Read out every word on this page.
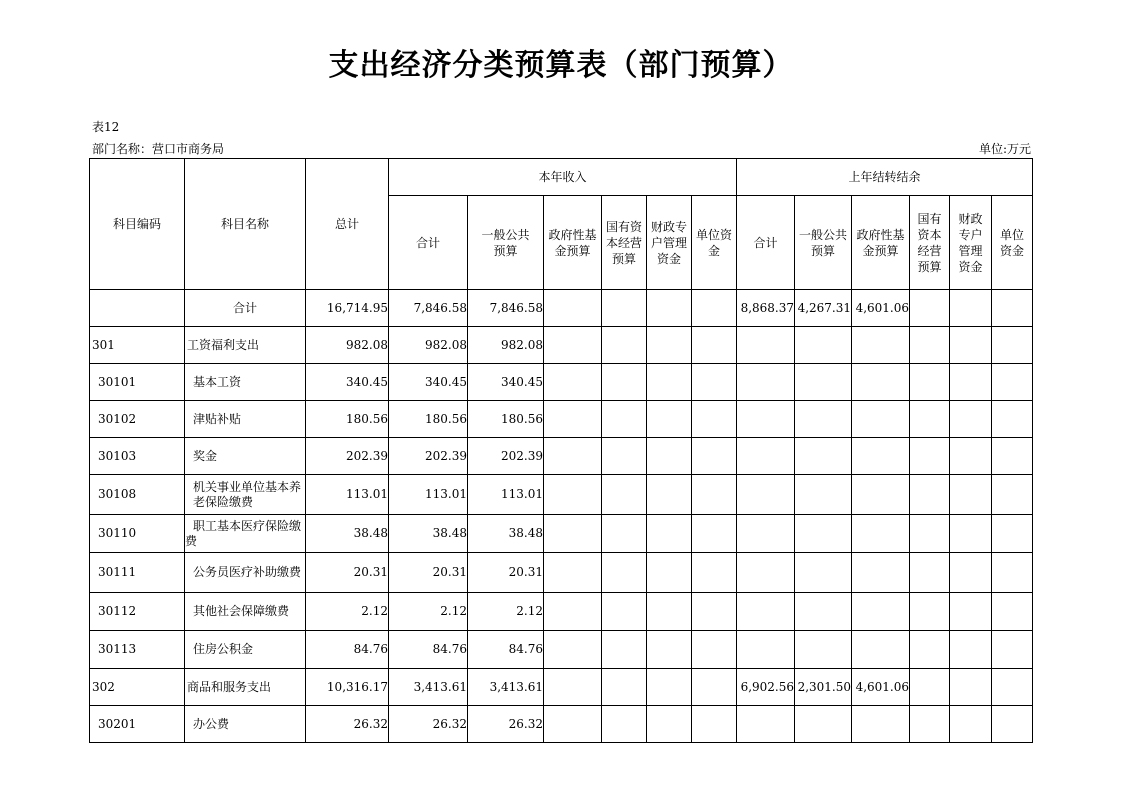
支出经济分类预算表（部门预算）
表12
部门名称：营口市商务局	单位:万元
科目编码	科目名称	总计	本年收入						上年结转结余					
			合计	一般公共预算	政府性基金预算	国有资本经营预算	财政专户管理资金	单位资金	合计	一般公共预算	政府性基金预算	国有资本经营预算	财政专户管理资金	单位资金
	合计	16,714.95	7,846.58	7,846.58					8,868.37	4,267.31	4,601.06			
301	工资福利支出	982.08	982.08	982.08										
30101	基本工资	340.45	340.45	340.45										
30102	津贴补贴	180.56	180.56	180.56										
30103	奖金	202.39	202.39	202.39										
30108	机关事业单位基本养老保险缴费	113.01	113.01	113.01										
30110	职工基本医疗保险缴费	38.48	38.48	38.48										
30111	公务员医疗补助缴费	20.31	20.31	20.31										
30112	其他社会保障缴费	2.12	2.12	2.12										
30113	住房公积金	84.76	84.76	84.76										
302	商品和服务支出	10,316.17	3,413.61	3,413.61					6,902.56	2,301.50	4,601.06			
30201	办公费	26.32	26.32	26.32										
